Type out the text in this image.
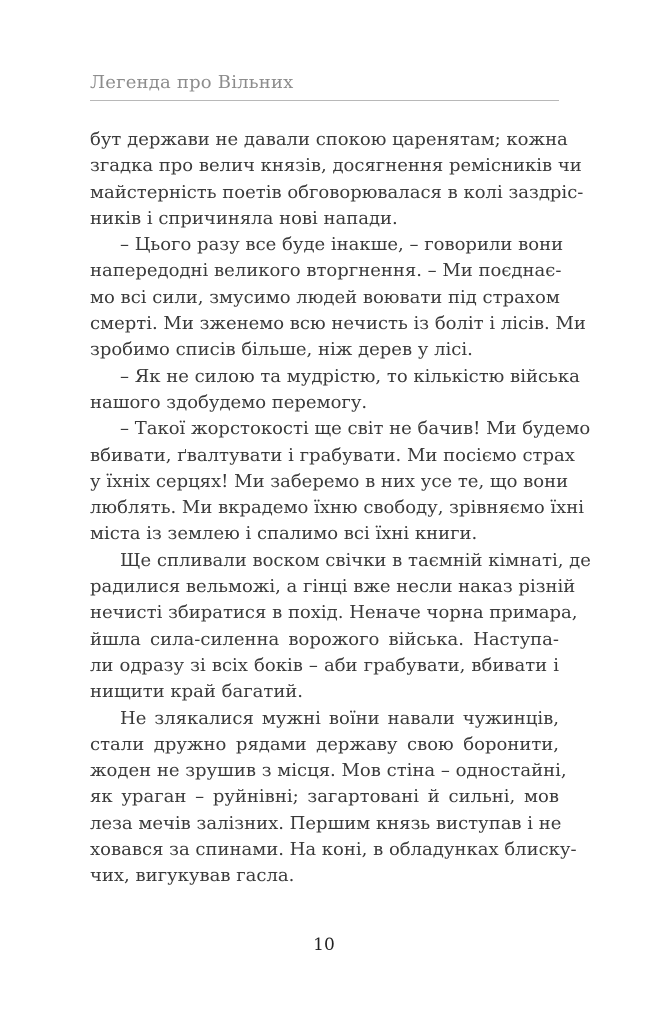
Легенда про Вільних
бут держави не давали спокою царенятам; кожна
згадка про велич князів, досягнення ремісників чи
майстерність поетів обговорювалася в колі заздріс-
ників і спричиняла нові напади.
– Цього разу все буде інакше, – говорили вони
напередодні великого вторгнення. – Ми поєднає-
мо всі сили, змусимо людей воювати під страхом
смерті. Ми зженемо всю нечисть із боліт і лісів. Ми
зробимо списів більше, ніж дерев у лісі.
– Як не силою та мудрістю, то кількістю війська
нашого здобудемо перемогу.
– Такої жорстокості ще світ не бачив! Ми будемо
вбивати, ґвалтувати і грабувати. Ми посіємо страх
у їхніх серцях! Ми заберемо в них усе те, що вони
люблять. Ми вкрадемо їхню свободу, зрівняємо їхні
міста із землею і спалимо всі їхні книги.
Ще спливали воском свічки в таємній кімнаті, де
радилися вельможі, а гінці вже несли наказ різній
нечисті збиратися в похід. Неначе чорна примара,
йшла сила-силенна ворожого війська. Наступа-
ли одразу зі всіх боків – аби грабувати, вбивати і
нищити край багатий.
Не злякалися мужні воїни навали чужинців,
стали дружно рядами державу свою боронити,
жоден не зрушив з місця. Мов стіна – одностайні,
як ураган – руйнівні; загартовані й сильні, мов
леза мечів залізних. Першим князь виступав і не
ховався за спинами. На коні, в обладунках блиску-
чих, вигукував гасла.
10
